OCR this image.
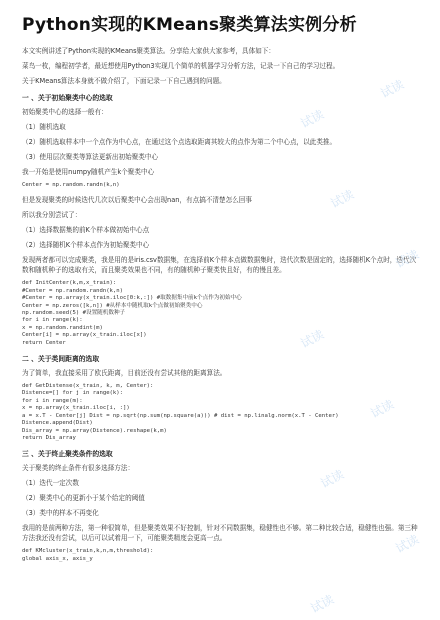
Python实现的KMeans聚类算法实例分析

本文实例讲述了Python实现的KMeans聚类算法。分享给大家供大家参考，具体如下：

菜鸟一枚，编程初学者，最近想使用Python3实现几个简单的机器学习分析方法，记录一下自己的学习过程。

关于KMeans算法本身就不做介绍了，下面记录一下自己遇到的问题。

一 、关于初始聚类中心的选取

初始聚类中心的选择一般有：

（1）随机选取

（2）随机选取样本中一个点作为中心点，在通过这个点选取距离其较大的点作为第二个中心点，以此类推。

（3）使用层次聚类等算法更新出初始聚类中心

我一开始是使用numpy随机产生k个聚类中心

Center = np.random.randn(k,n)

但是发现聚类的时候迭代几次以后聚类中心会出现nan，有点搞不清楚怎么回事

所以我分别尝试了：

（1）选择数据集的前K个样本做初始中心点

（2）选择随机K个样本点作为初始聚类中心

发现两者都可以完成聚类，我是用的是iris.csv数据集，在选择前K个样本点做数据集时，迭代次数是固定的，选择随机K个点时，迭代次数和随机种子的选取有关，而且聚类效果也不同，有的随机种子聚类快且好，有的慢且差。

def InitCenter(k,m,x_train):
#Center = np.random.randn(k,n)
#Center = np.array(x_train.iloc[0:k,:]) #取数据集中前k个点作为初始中心
Center = np.zeros([k,n]) #从样本中随机取k个点做初始聚类中心
np.random.seed(5) #设置随机数种子
for i in range(k):
x = np.random.randint(m)
Center[i] = np.array(x_train.iloc[x])
return Center
二 、关于类间距离的选取

为了简单，我直接采用了欧氏距离，目前还没有尝试其他的距离算法。

def GetDistense(x_train, k, m, Center):
Distence=[] for j in range(k):
for i in range(m):
x = np.array(x_train.iloc[i, :])
a = x.T - Center[j] Dist = np.sqrt(np.sum(np.square(a))) # dist = np.linalg.norm(x.T - Center)
Distence.append(Dist)
Dis_array = np.array(Distence).reshape(k,m)
return Dis_array
三 、关于终止聚类条件的选取

关于聚类的终止条件有很多选择方法：

（1）迭代一定次数

（2）聚类中心的更新小于某个给定的阈值

（3）类中的样本不再变化

我用的是前两种方法，第一种很简单，但是聚类效果不好控制，针对不同数据集，稳健性也不够。第二种比较合适，稳健性也强。第三种方法我还没有尝试，以后可以试着用一下，可能聚类精度会更高一点。

def KMcluster(x_train,k,n,m,threshold):
global axis_x, axis_y
试读
试读
试读
试读
试读
试读
试读
试读
试读
